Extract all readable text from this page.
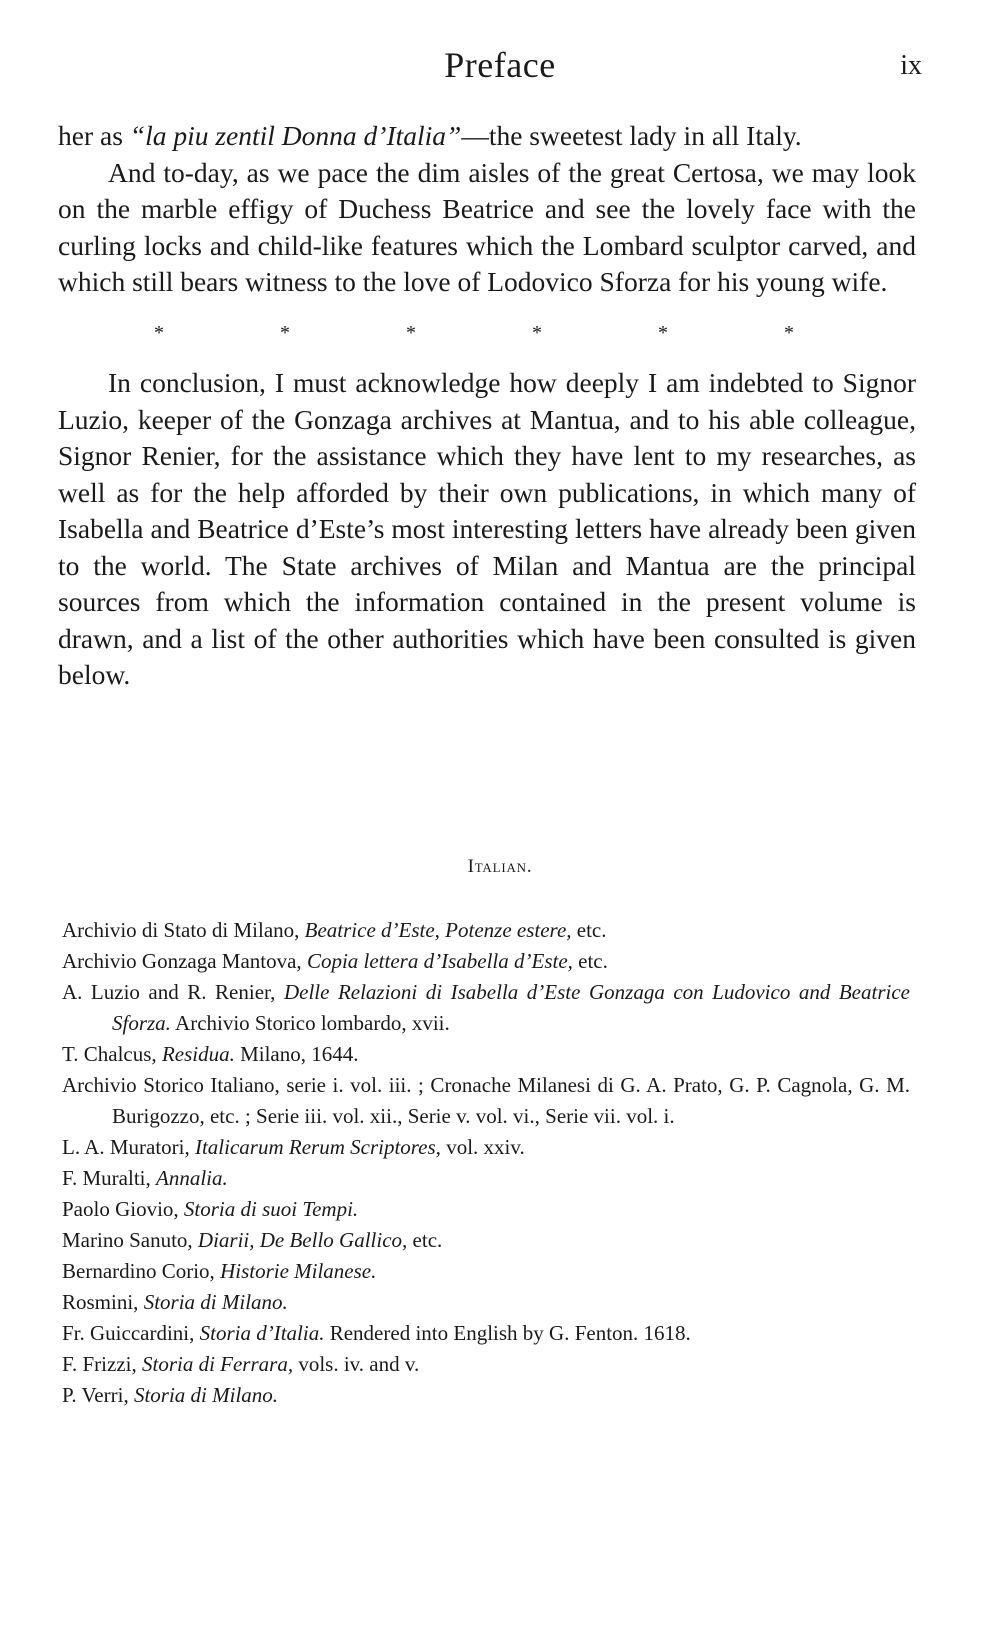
Preface	ix

her as “la piu zentil Donna d’Italia”—the sweetest lady in all Italy.

And to-day, as we pace the dim aisles of the great Certosa, we may look on the marble effigy of Duchess Beatrice and see the lovely face with the curling locks and child-like features which the Lombard sculptor carved, and which still bears witness to the love of Lodovico Sforza for his young wife.

*	*	*	*	*	*

In conclusion, I must acknowledge how deeply I am indebted to Signor Luzio, keeper of the Gonzaga archives at Mantua, and to his able colleague, Signor Renier, for the assistance which they have lent to my researches, as well as for the help afforded by their own publications, in which many of Isabella and Beatrice d’Este’s most interesting letters have already been given to the world. The State archives of Milan and Mantua are the principal sources from which the information contained in the present volume is drawn, and a list of the other authorities which have been consulted is given below.

Italian.
Archivio di Stato di Milano, Beatrice d’Este, Potenze estere, etc.
Archivio Gonzaga Mantova, Copia lettera d’Isabella d’Este, etc.
A. Luzio and R. Renier, Delle Relazioni di Isabella d’Este Gonzaga con Ludovico and Beatrice Sforza. Archivio Storico lombardo, xvii.
T. Chalcus, Residua. Milano, 1644.
Archivio Storico Italiano, serie i. vol. iii. ; Cronache Milanesi di G. A. Prato, G. P. Cagnola, G. M. Burigozzo, etc. ; Serie iii. vol. xii., Serie v. vol. vi., Serie vii. vol. i.
L. A. Muratori, Italicarum Rerum Scriptores, vol. xxiv.
F. Muralti, Annalia.
Paolo Giovio, Storia di suoi Tempi.
Marino Sanuto, Diarii, De Bello Gallico, etc.
Bernardino Corio, Historie Milanese.
Rosmini, Storia di Milano.
Fr. Guiccardini, Storia d’Italia. Rendered into English by G. Fenton. 1618.
F. Frizzi, Storia di Ferrara, vols. iv. and v.
P. Verri, Storia di Milano.
